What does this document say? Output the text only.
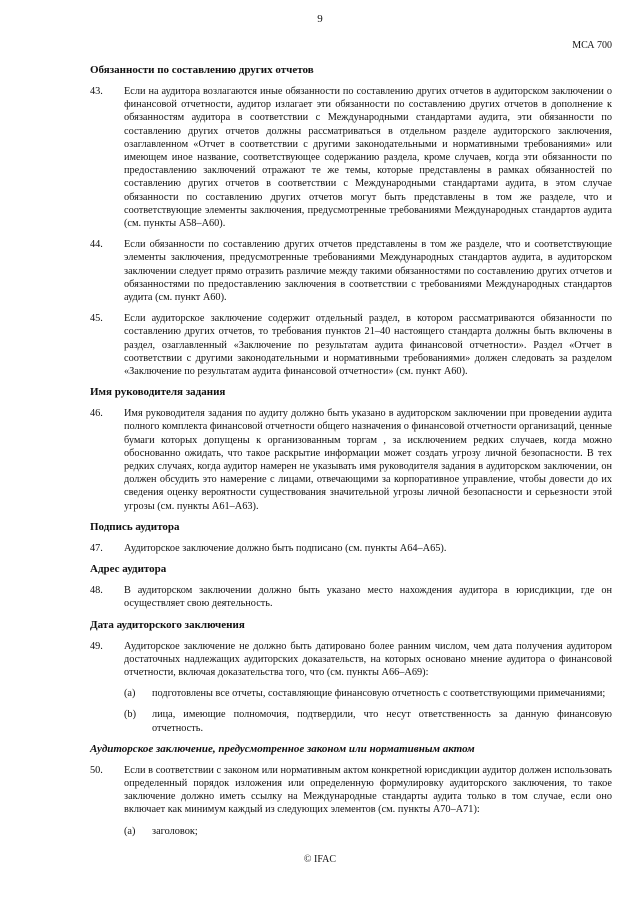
9
МСА 700
Обязанности по составлению других отчетов
43.	Если на аудитора возлагаются иные обязанности по составлению других отчетов в аудиторском заключении о финансовой отчетности, аудитор излагает эти обязанности по составлению других отчетов в дополнение к обязанностям аудитора в соответствии с Международными стандартами аудита, эти обязанности по составлению других отчетов должны рассматриваться в отдельном разделе аудиторского заключения, озаглавленном «Отчет в соответствии с другими законодательными и нормативными требованиями» или имеющем иное название, соответствующее содержанию раздела, кроме случаев, когда эти обязанности по предоставлению заключений отражают те же темы, которые представлены в рамках обязанностей по составлению других отчетов в соответствии с Международными стандартами аудита, в этом случае обязанности по составлению других отчетов могут быть представлены в том же разделе, что и соответствующие элементы заключения, предусмотренные требованиями Международных стандартов аудита (см. пункты А58–А60).
44.	Если обязанности по составлению других отчетов представлены в том же разделе, что и соответствующие элементы заключения, предусмотренные требованиями Международных стандартов аудита, в аудиторском заключении следует прямо отразить различие между такими обязанностями по составлению других отчетов и обязанностями по предоставлению заключения в соответствии с требованиями Международных стандартов аудита (см. пункт А60).
45.	Если аудиторское заключение содержит отдельный раздел, в котором рассматриваются обязанности по составлению других отчетов, то требования пунктов 21–40 настоящего стандарта должны быть включены в раздел, озаглавленный «Заключение по результатам аудита финансовой отчетности». Раздел «Отчет в соответствии с другими законодательными и нормативными требованиями» должен следовать за разделом «Заключение по результатам аудита финансовой отчетности» (см. пункт А60).
Имя руководителя задания
46.	Имя руководителя задания по аудиту должно быть указано в аудиторском заключении при проведении аудита полного комплекта финансовой отчетности общего назначения о финансовой отчетности организаций, ценные бумаги которых допущены к организованным торгам , за исключением редких случаев, когда можно обоснованно ожидать, что такое раскрытие информации может создать угрозу личной безопасности. В тех редких случаях, когда аудитор намерен не указывать имя руководителя задания в аудиторском заключении, он должен обсудить это намерение с лицами, отвечающими за корпоративное управление, чтобы довести до их сведения оценку вероятности существования значительной угрозы личной безопасности и серьезности этой угрозы (см. пункты А61–А63).
Подпись аудитора
47.	Аудиторское заключение должно быть подписано (см. пункты А64–А65).
Адрес аудитора
48.	В аудиторском заключении должно быть указано место нахождения аудитора в юрисдикции, где он осуществляет свою деятельность.
Дата аудиторского заключения
49.	Аудиторское заключение не должно быть датировано более ранним числом, чем дата получения аудитором достаточных надлежащих аудиторских доказательств, на которых основано мнение аудитора о финансовой отчетности, включая доказательства того, что (см. пункты А66–А69):
(a)	подготовлены все отчеты, составляющие финансовую отчетность с соответствующими примечаниями;
(b)	лица, имеющие полномочия, подтвердили, что несут ответственность за данную финансовую отчетность.
Аудиторское заключение, предусмотренное законом или нормативным актом
50.	Если в соответствии с законом или нормативным актом конкретной юрисдикции аудитор должен использовать определенный порядок изложения или определенную формулировку аудиторского заключения, то такое заключение должно иметь ссылку на Международные стандарты аудита только в том случае, если оно включает как минимум каждый из следующих элементов (см. пункты А70–А71):
(a)	заголовок;
© IFAC
